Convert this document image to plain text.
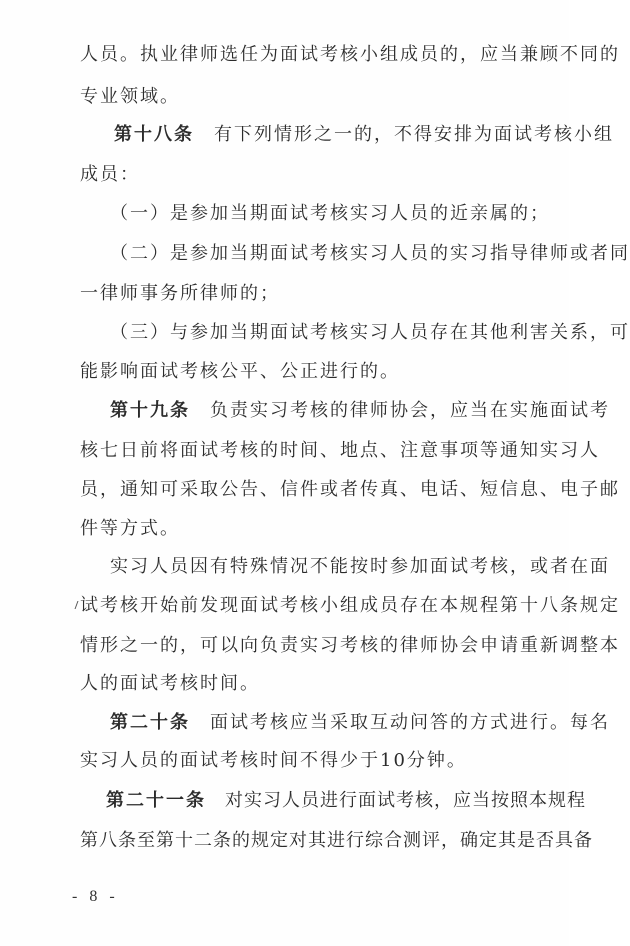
人员。执业律师选任为面试考核小组成员的，应当兼顾不同的
专业领域。
第十八条　有下列情形之一的，不得安排为面试考核小组
成员：
（一）是参加当期面试考核实习人员的近亲属的；
（二）是参加当期面试考核实习人员的实习指导律师或者同
一律师事务所律师的；
（三）与参加当期面试考核实习人员存在其他利害关系，可
能影响面试考核公平、公正进行的。
第十九条　负责实习考核的律师协会，应当在实施面试考
核七日前将面试考核的时间、地点、注意事项等通知实习人
员，通知可采取公告、信件或者传真、电话、短信息、电子邮
件等方式。
实习人员因有特殊情况不能按时参加面试考核，或者在面
试考核开始前发现面试考核小组成员存在本规程第十八条规定
情形之一的，可以向负责实习考核的律师协会申请重新调整本
人的面试考核时间。
第二十条　面试考核应当采取互动问答的方式进行。每名
实习人员的面试考核时间不得少于10分钟。
第二十一条　对实习人员进行面试考核，应当按照本规程
第八条至第十二条的规定对其进行综合测评，确定其是否具备
- 8 -
